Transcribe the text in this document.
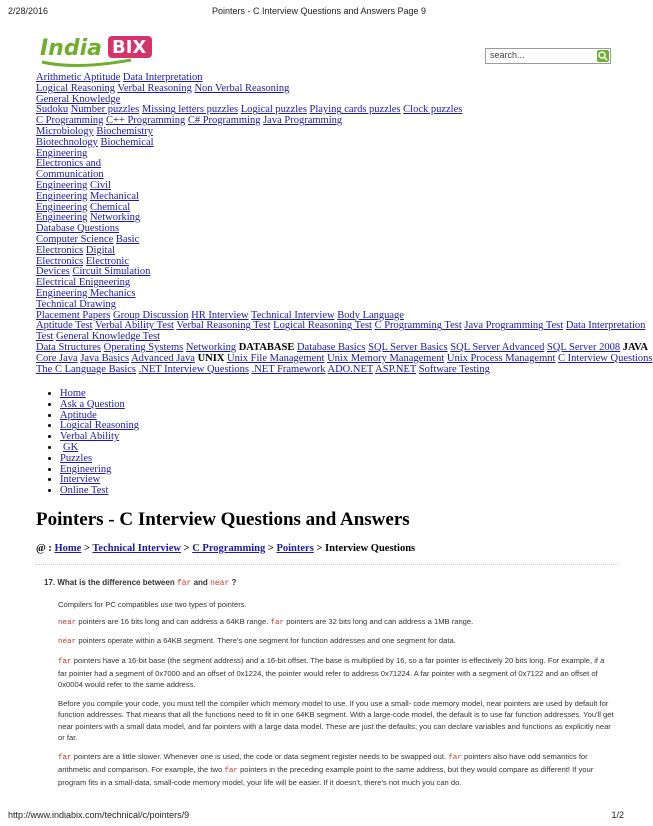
2/28/2016	Pointers - C Interview Questions and Answers Page 9
India BIX	search...
Arithmetic Aptitude Data Interpretation
Logical Reasoning Verbal Reasoning Non Verbal Reasoning
General Knowledge
Sudoku Number puzzles Missing letters puzzles Logical puzzles Playing cards puzzles Clock puzzles
C Programming C++ Programming C# Programming Java Programming
Microbiology Biochemistry
Biotechnology Biochemical
Engineering
Electronics and
Communication
Engineering Civil
Engineering Mechanical
Engineering Chemical
Engineering Networking
Database Questions
Computer Science Basic
Electronics Digital
Electronics Electronic
Devices Circuit Simulation
Electrical Enigneering
Engineering Mechanics
Technical Drawing
Placement Papers Group Discussion HR Interview Technical Interview Body Language
Aptitude Test Verbal Ability Test Verbal Reasoning Test Logical Reasoning Test C Programming Test Java Programming Test Data Interpretation
Test General Knowledge Test
Data Structures Operating Systems Networking DATABASE Database Basics SQL Server Basics SQL Server Advanced SQL Server 2008 JAVA
Core Java Java Basics Advanced Java UNIX Unix File Management Unix Memory Management Unix Process Managemnt C Interview Questions
The C Language Basics .NET Interview Questions .NET Framework ADO.NET ASP.NET Software Testing
• Home
• Ask a Question
• Aptitude
• Logical Reasoning
• Verbal Ability
• GK
• Puzzles
• Engineering
• Interview
• Online Test
Pointers - C Interview Questions and Answers
@ : Home > Technical Interview > C Programming > Pointers > Interview Questions
17. What is the difference between far and near ?

Compilers for PC compatibles use two types of pointers.

near pointers are 16 bits long and can address a 64KB range. far pointers are 32 bits long and can address a 1MB range.

near pointers operate within a 64KB segment. There's one segment for function addresses and one segment for data.

far pointers have a 16-bit base (the segment address) and a 16-bit offset. The base is multiplied by 16, so a far pointer is effectively 20 bits long. For example, if a far pointer had a segment of 0x7000 and an offset of 0x1224, the pointer would refer to address 0x71224. A far pointer with a segment of 0x7122 and an offset of 0x0004 would refer to the same address.

Before you compile your code, you must tell the compiler which memory model to use. If you use a small- code memory model, near pointers are used by default for function addresses. That means that all the functions need to fit in one 64KB segment. With a large-code model, the default is to use far function addresses. You'll get near pointers with a small data model, and far pointers with a large data model. These are just the defaults; you can declare variables and functions as explicitly near or far.

far pointers are a little slower. Whenever one is used, the code or data segment register needs to be swapped out. far pointers also have odd semantics for arithmetic and comparison. For example, the two far pointers in the preceding example point to the same address, but they would compare as different! If your program fits in a small-data, small-code memory model, your life will be easier. If it doesn't, there's not much you can do.

http://www.indiabix.com/technical/c/pointers/9	1/2
